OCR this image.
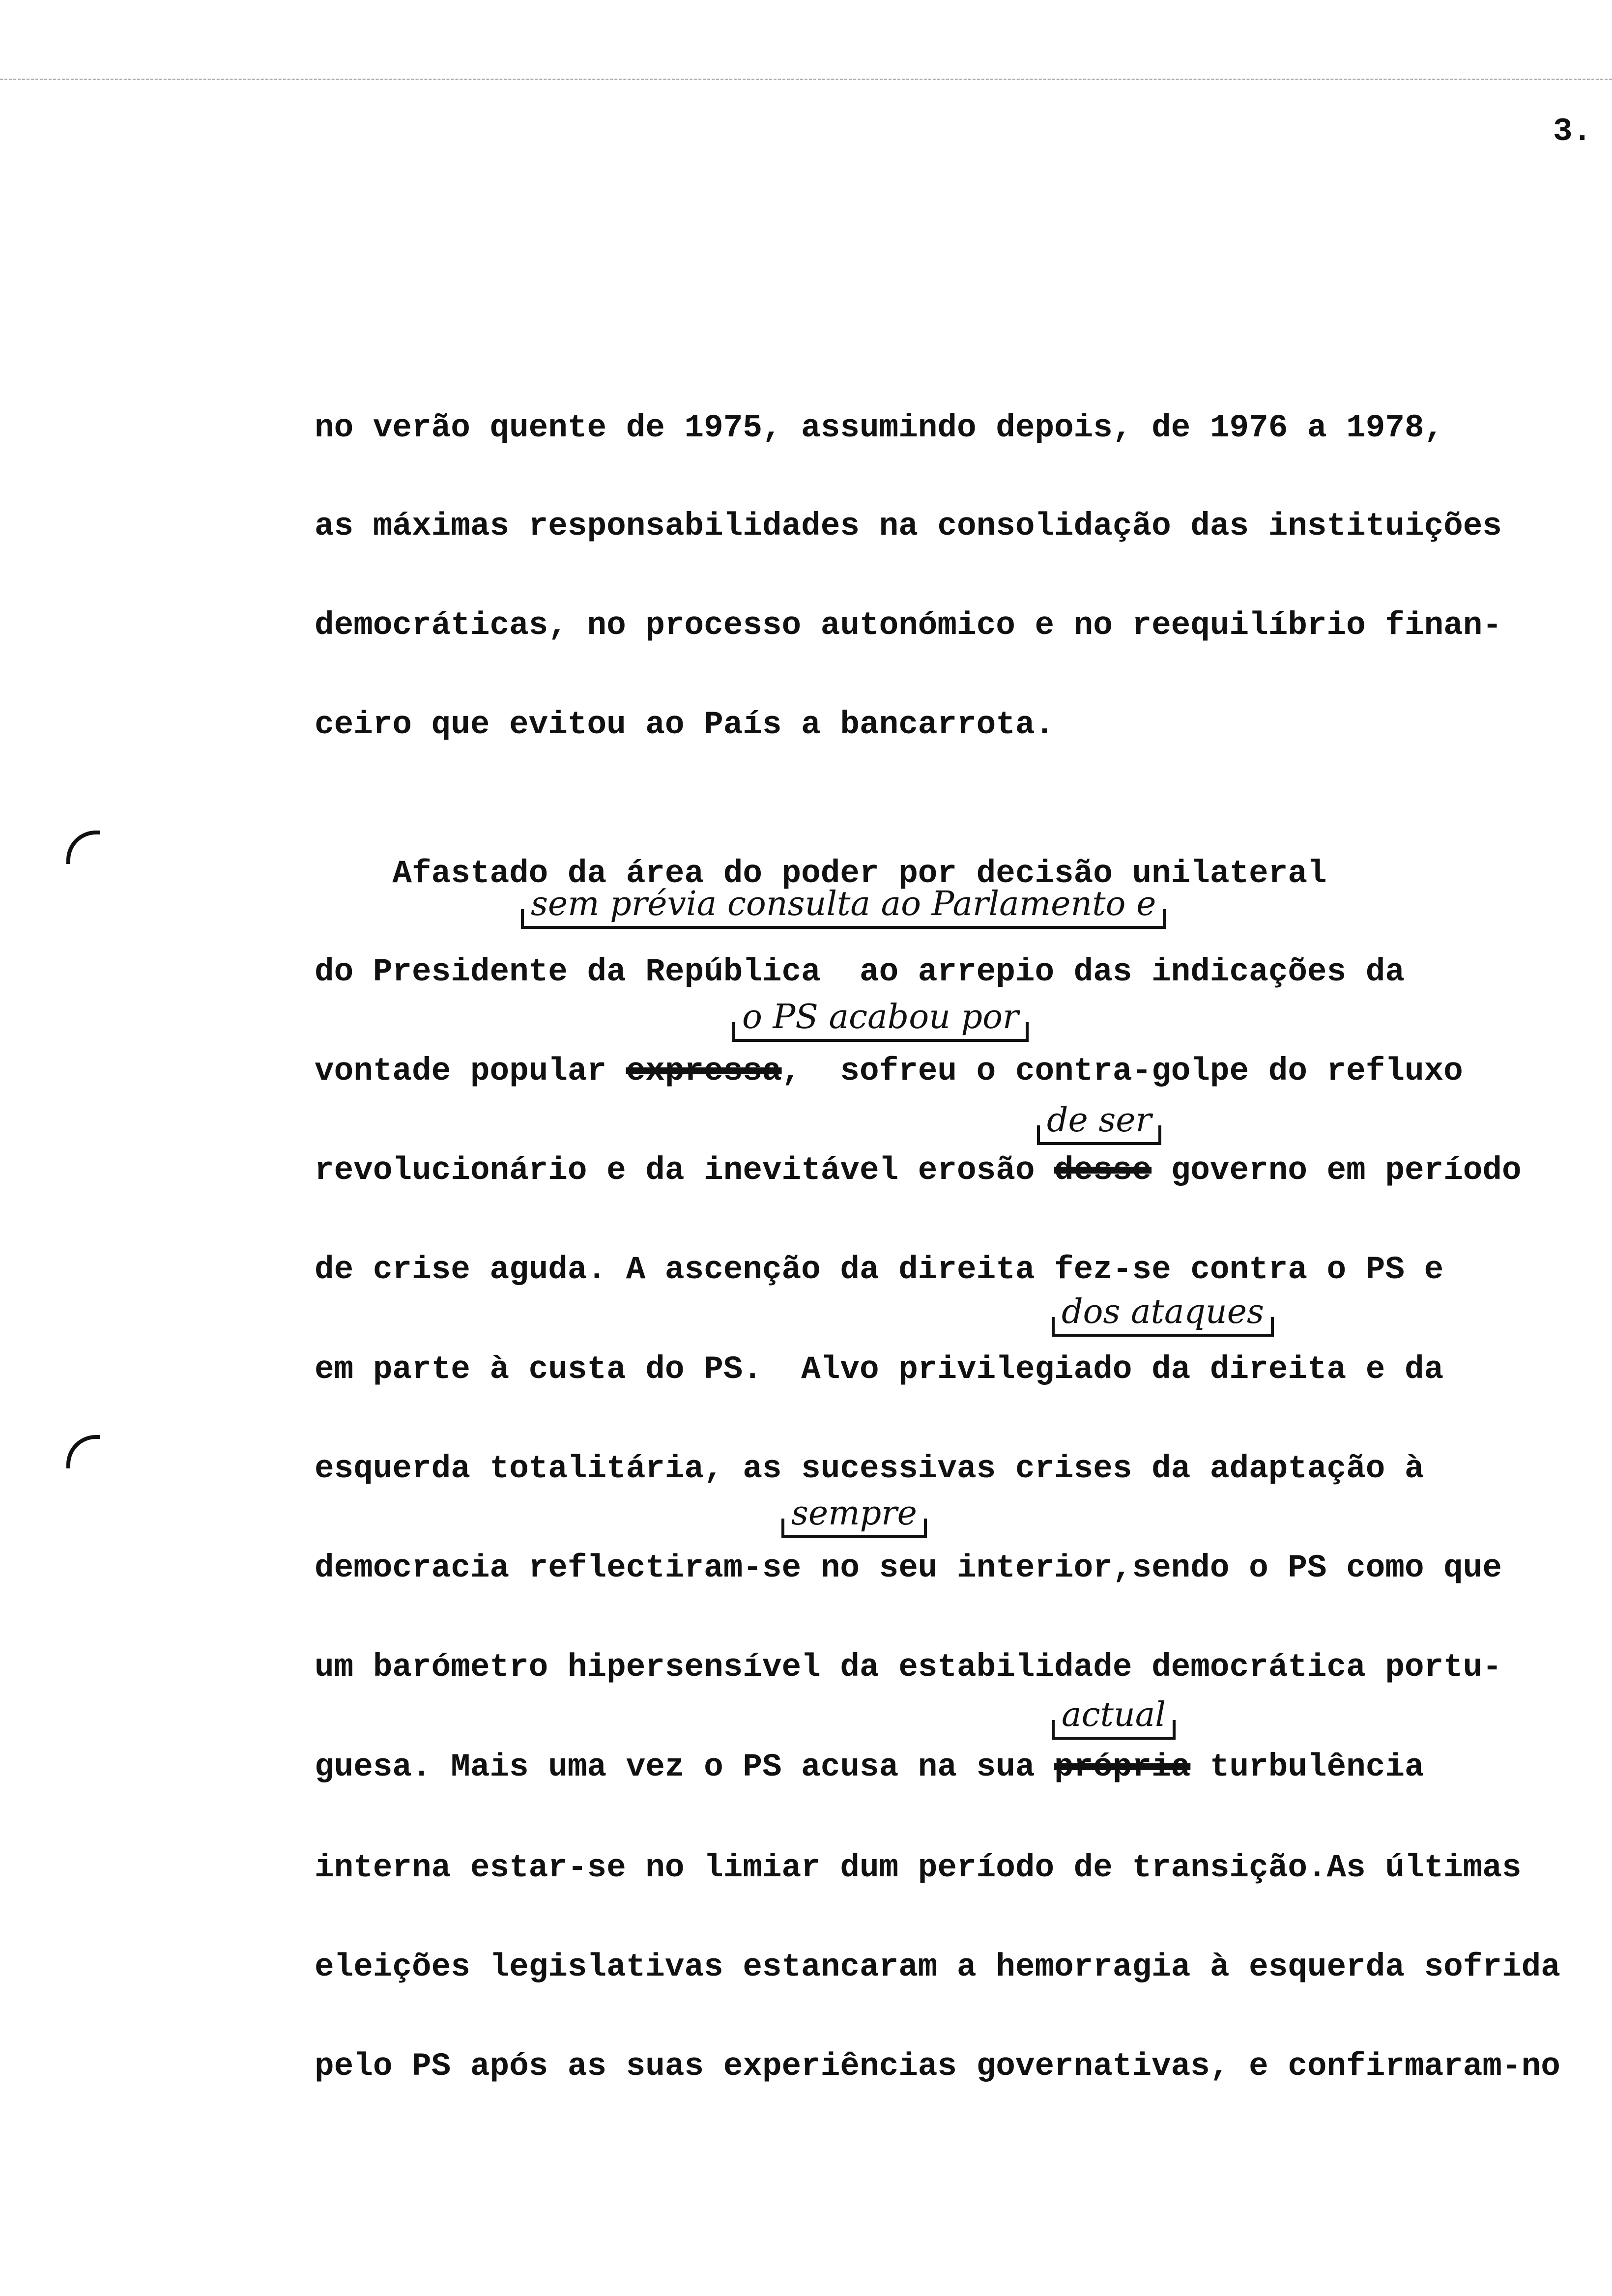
3.
no verão quente de 1975, assumindo depois, de 1976 a 1978,
as máximas responsabilidades na consolidação das instituições
democráticas, no processo autonómico e no reequilíbrio finan-
ceiro que evitou ao País a bancarrota.
Afastado da área do poder por decisão unilateral
do Presidente da República  ao arrepio das indicações da
vontade popular expressa,  sofreu o contra-golpe do refluxo
revolucionário e da inevitável erosão desse governo em período
de crise aguda. A ascenção da direita fez-se contra o PS e
em parte à custa do PS.  Alvo privilegiado da direita e da
esquerda totalitária, as sucessivas crises da adaptação à
democracia reflectiram-se no seu interior,sendo o PS como que
um barómetro hipersensível da estabilidade democrática portu-
guesa. Mais uma vez o PS acusa na sua própria turbulência
interna estar-se no limiar dum período de transição.As últimas
eleições legislativas estancaram a hemorragia à esquerda sofrida
pelo PS após as suas experiências governativas, e confirmaram-no
sem prévia consulta ao Parlamento e
o PS acabou por
de ser
dos ataques
sempre
actual
